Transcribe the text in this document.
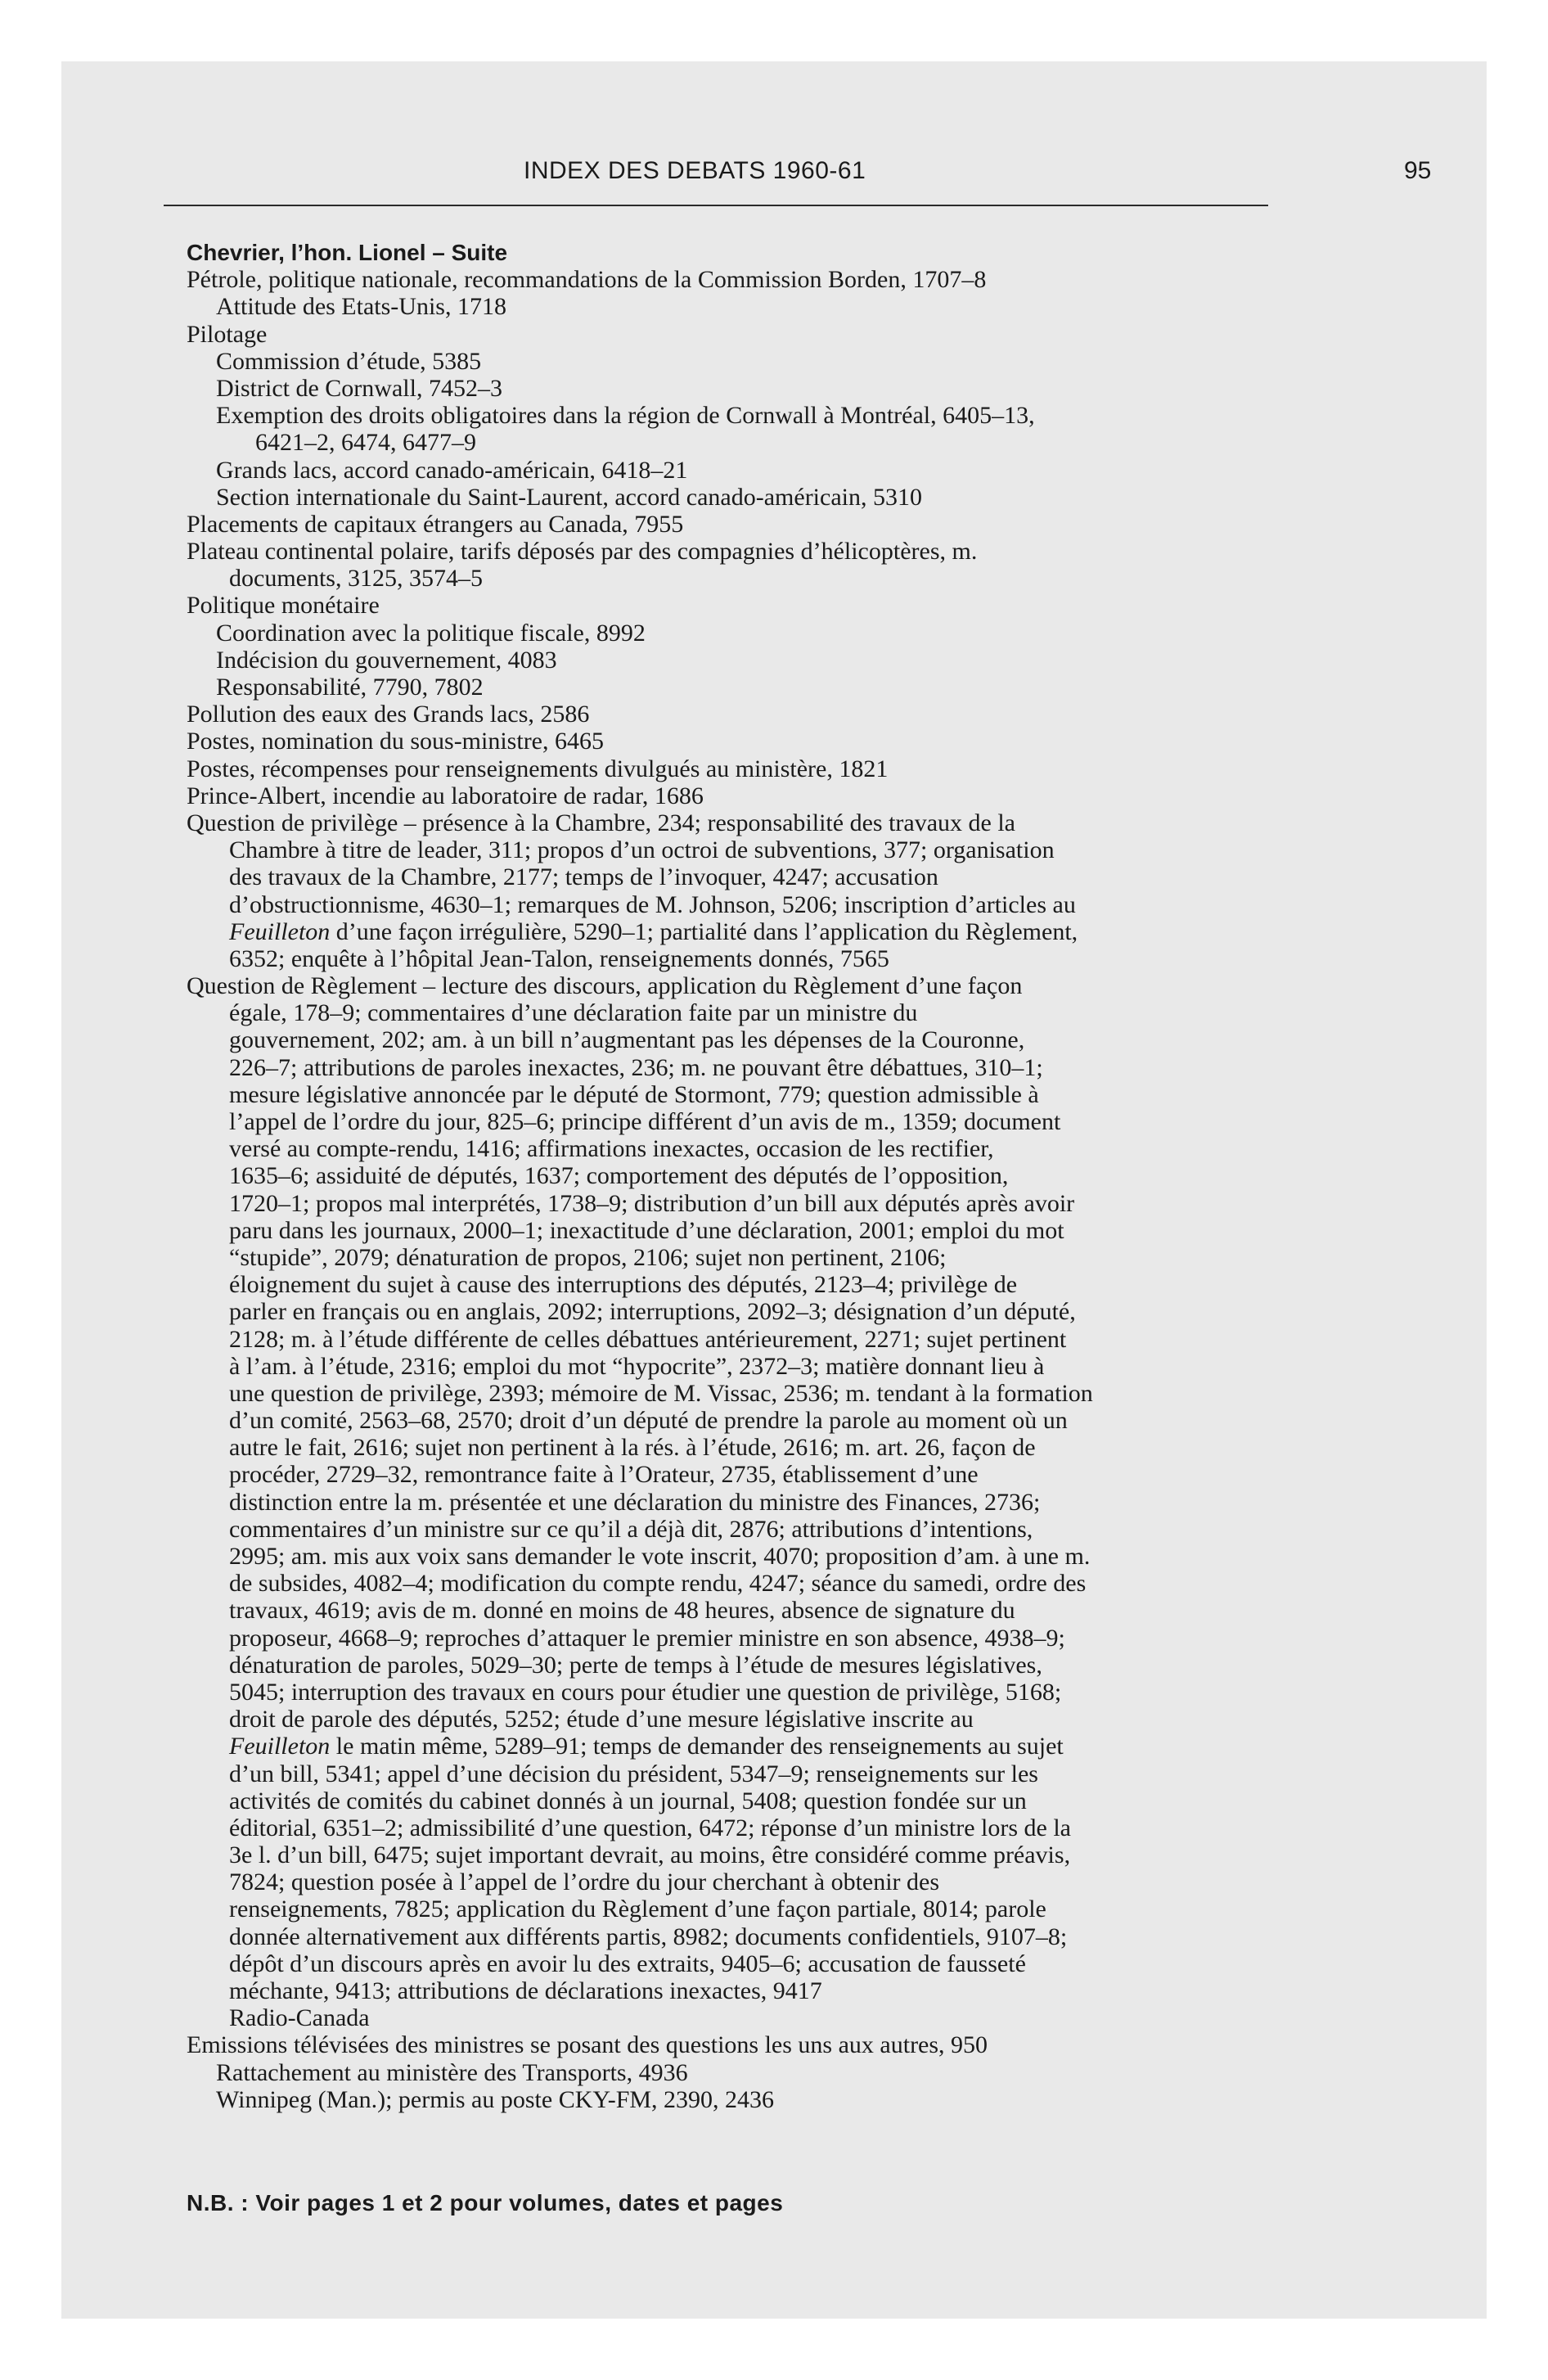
INDEX DES DEBATS 1960-61	95
Chevrier, l’hon. Lionel – Suite
Pétrole, politique nationale, recommandations de la Commission Borden, 1707–8
Attitude des Etats-Unis, 1718
Pilotage
Commission d’étude, 5385
District de Cornwall, 7452–3
Exemption des droits obligatoires dans la région de Cornwall à Montréal, 6405–13,
6421–2, 6474, 6477–9
Grands lacs, accord canado-américain, 6418–21
Section internationale du Saint-Laurent, accord canado-américain, 5310
Placements de capitaux étrangers au Canada, 7955
Plateau continental polaire, tarifs déposés par des compagnies d’hélicoptères, m.
documents, 3125, 3574–5
Politique monétaire
Coordination avec la politique fiscale, 8992
Indécision du gouvernement, 4083
Responsabilité, 7790, 7802
Pollution des eaux des Grands lacs, 2586
Postes, nomination du sous-ministre, 6465
Postes, récompenses pour renseignements divulgués au ministère, 1821
Prince-Albert, incendie au laboratoire de radar, 1686
Question de privilège – présence à la Chambre, 234; responsabilité des travaux de la
Chambre à titre de leader, 311; propos d’un octroi de subventions, 377; organisation
des travaux de la Chambre, 2177; temps de l’invoquer, 4247; accusation
d’obstructionnisme, 4630–1; remarques de M. Johnson, 5206; inscription d’articles au
Feuilleton d’une façon irrégulière, 5290–1; partialité dans l’application du Règlement,
6352; enquête à l’hôpital Jean-Talon, renseignements donnés, 7565
Question de Règlement – lecture des discours, application du Règlement d’une façon
égale, 178–9; commentaires d’une déclaration faite par un ministre du
gouvernement, 202; am. à un bill n’augmentant pas les dépenses de la Couronne,
226–7; attributions de paroles inexactes, 236; m. ne pouvant être débattues, 310–1;
mesure législative annoncée par le député de Stormont, 779; question admissible à
l’appel de l’ordre du jour, 825–6; principe différent d’un avis de m., 1359; document
versé au compte-rendu, 1416; affirmations inexactes, occasion de les rectifier,
1635–6; assiduité de députés, 1637; comportement des députés de l’opposition,
1720–1; propos mal interprétés, 1738–9; distribution d’un bill aux députés après avoir
paru dans les journaux, 2000–1; inexactitude d’une déclaration, 2001; emploi du mot
“stupide”, 2079; dénaturation de propos, 2106; sujet non pertinent, 2106;
éloignement du sujet à cause des interruptions des députés, 2123–4; privilège de
parler en français ou en anglais, 2092; interruptions, 2092–3; désignation d’un député,
2128; m. à l’étude différente de celles débattues antérieurement, 2271; sujet pertinent
à l’am. à l’étude, 2316; emploi du mot “hypocrite”, 2372–3; matière donnant lieu à
une question de privilège, 2393; mémoire de M. Vissac, 2536; m. tendant à la formation
d’un comité, 2563–68, 2570; droit d’un député de prendre la parole au moment où un
autre le fait, 2616; sujet non pertinent à la rés. à l’étude, 2616; m. art. 26, façon de
procéder, 2729–32, remontrance faite à l’Orateur, 2735, établissement d’une
distinction entre la m. présentée et une déclaration du ministre des Finances, 2736;
commentaires d’un ministre sur ce qu’il a déjà dit, 2876; attributions d’intentions,
2995; am. mis aux voix sans demander le vote inscrit, 4070; proposition d’am. à une m.
de subsides, 4082–4; modification du compte rendu, 4247; séance du samedi, ordre des
travaux, 4619; avis de m. donné en moins de 48 heures, absence de signature du
proposeur, 4668–9; reproches d’attaquer le premier ministre en son absence, 4938–9;
dénaturation de paroles, 5029–30; perte de temps à l’étude de mesures législatives,
5045; interruption des travaux en cours pour étudier une question de privilège, 5168;
droit de parole des députés, 5252; étude d’une mesure législative inscrite au
Feuilleton le matin même, 5289–91; temps de demander des renseignements au sujet
d’un bill, 5341; appel d’une décision du président, 5347–9; renseignements sur les
activités de comités du cabinet donnés à un journal, 5408; question fondée sur un
éditorial, 6351–2; admissibilité d’une question, 6472; réponse d’un ministre lors de la
3e l. d’un bill, 6475; sujet important devrait, au moins, être considéré comme préavis,
7824; question posée à l’appel de l’ordre du jour cherchant à obtenir des
renseignements, 7825; application du Règlement d’une façon partiale, 8014; parole
donnée alternativement aux différents partis, 8982; documents confidentiels, 9107–8;
dépôt d’un discours après en avoir lu des extraits, 9405–6; accusation de fausseté
méchante, 9413; attributions de déclarations inexactes, 9417
Radio-Canada
Emissions télévisées des ministres se posant des questions les uns aux autres, 950
Rattachement au ministère des Transports, 4936
Winnipeg (Man.); permis au poste CKY-FM, 2390, 2436
N.B. : Voir pages 1 et 2 pour volumes, dates et pages
